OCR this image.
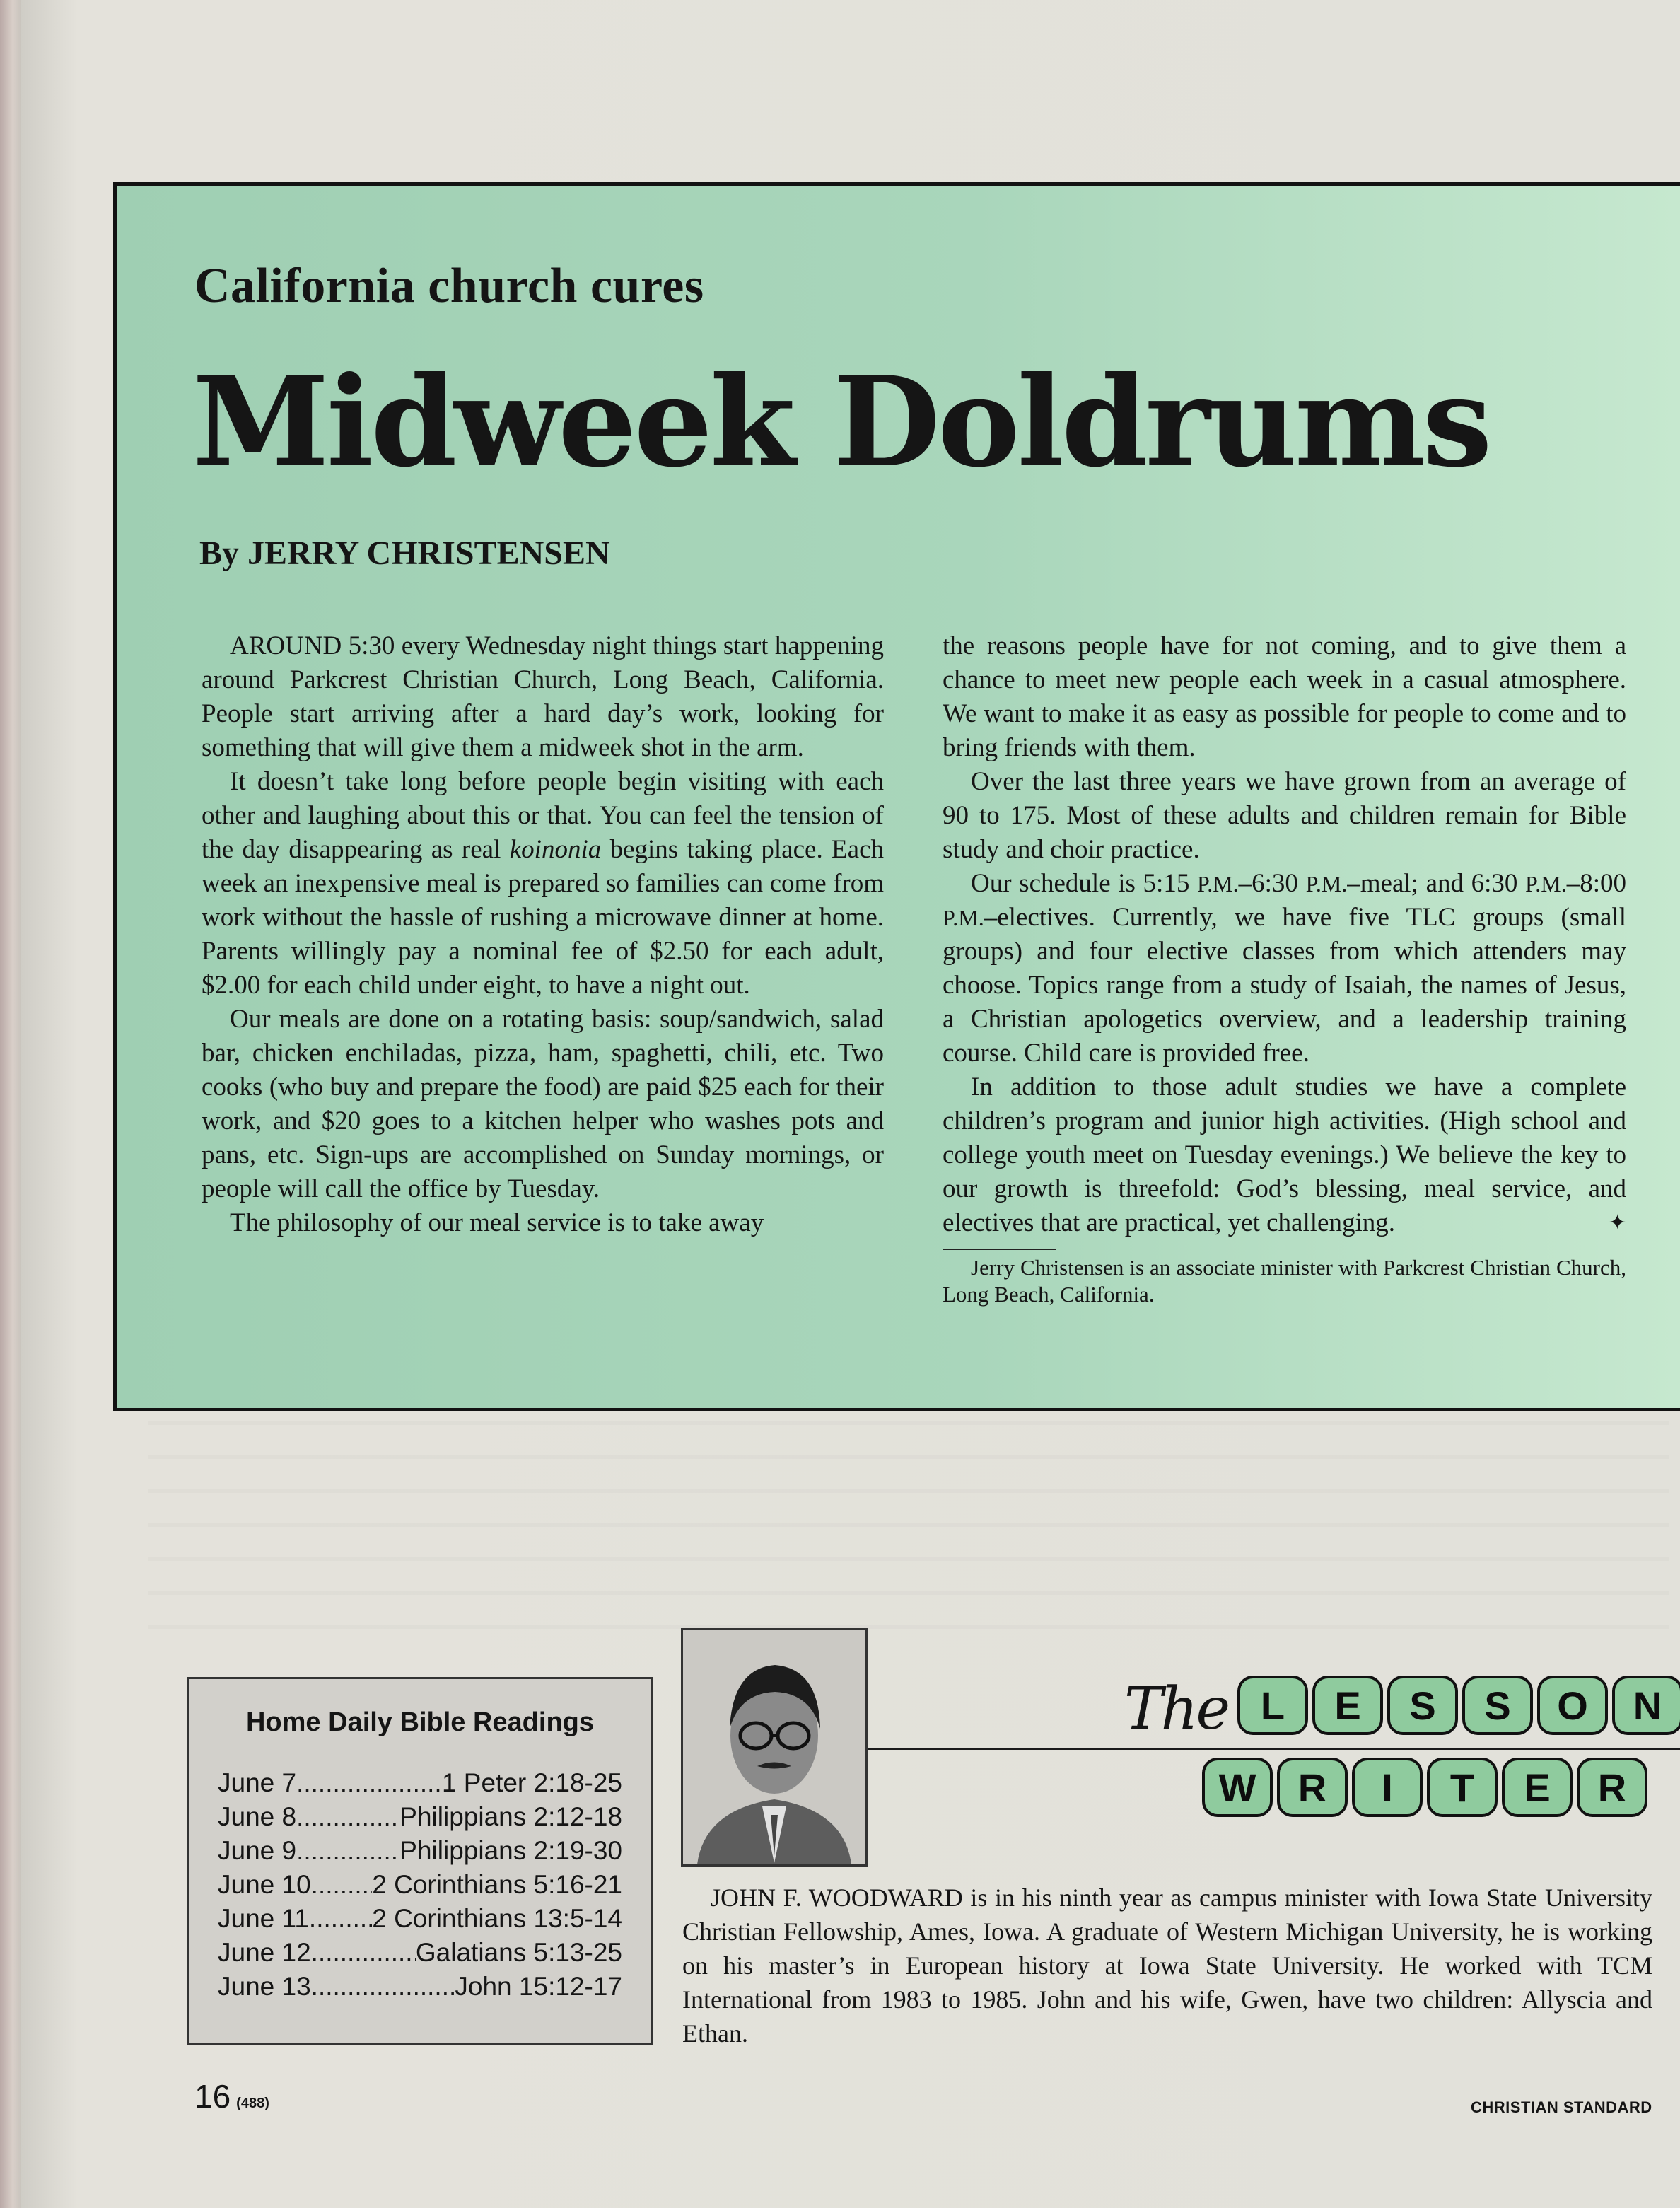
California church cures
Midweek Doldrums
By JERRY CHRISTENSEN

AROUND 5:30 every Wednesday night things start happening around Parkcrest Christian Church, Long Beach, California. People start arriving after a hard day’s work, looking for something that will give them a midweek shot in the arm.

It doesn’t take long before people begin visiting with each other and laughing about this or that. You can feel the tension of the day disappearing as real koinonia begins taking place. Each week an inexpensive meal is prepared so families can come from work without the hassle of rushing a microwave dinner at home. Parents willingly pay a nominal fee of $2.50 for each adult, $2.00 for each child under eight, to have a night out.

Our meals are done on a rotating basis: soup/sandwich, salad bar, chicken enchiladas, pizza, ham, spaghetti, chili, etc. Two cooks (who buy and prepare the food) are paid $25 each for their work, and $20 goes to a kitchen helper who washes pots and pans, etc. Sign-ups are accomplished on Sunday mornings, or people will call the office by Tuesday.

The philosophy of our meal service is to take away

the reasons people have for not coming, and to give them a chance to meet new people each week in a casual atmosphere. We want to make it as easy as possible for people to come and to bring friends with them.

Over the last three years we have grown from an average of 90 to 175. Most of these adults and children remain for Bible study and choir practice.

Our schedule is 5:15 P.M.–6:30 P.M.–meal; and 6:30 P.M.–8:00 P.M.–electives. Currently, we have five TLC groups (small groups) and four elective classes from which attenders may choose. Topics range from a study of Isaiah, the names of Jesus, a Christian apologetics overview, and a leadership training course. Child care is provided free.

In addition to those adult studies we have a complete children’s program and junior high activities. (High school and college youth meet on Tuesday evenings.) We believe the key to our growth is threefold: God’s blessing, meal service, and electives that are practical, yet challenging.	✦

Jerry Christensen is an associate minister with Parkcrest Christian Church, Long Beach, California.
Home Daily Bible Readings
June 7 .....	1 Peter 2:18-25
June 8 .....	Philippians 2:12-18
June 9 .....	Philippians 2:19-30
June 10 ..... 2 Corinthians 5:16-21
June 11 ..... 2 Corinthians 13:5-14
June 12 .....	Galatians 5:13-25
June 13 .....	John 15:12-17
The L	E	S	S	O	N
W	R	I	T	E	R

JOHN F. WOODWARD is in his ninth year as campus minister with Iowa State University Christian Fellowship, Ames, Iowa. A graduate of Western Michigan University, he is working on his master’s in European history at Iowa State University. He worked with TCM International from 1983 to 1985. John and his wife, Gwen, have two children: Allyscia and Ethan.

16 (488)	CHRISTIAN STANDARD
